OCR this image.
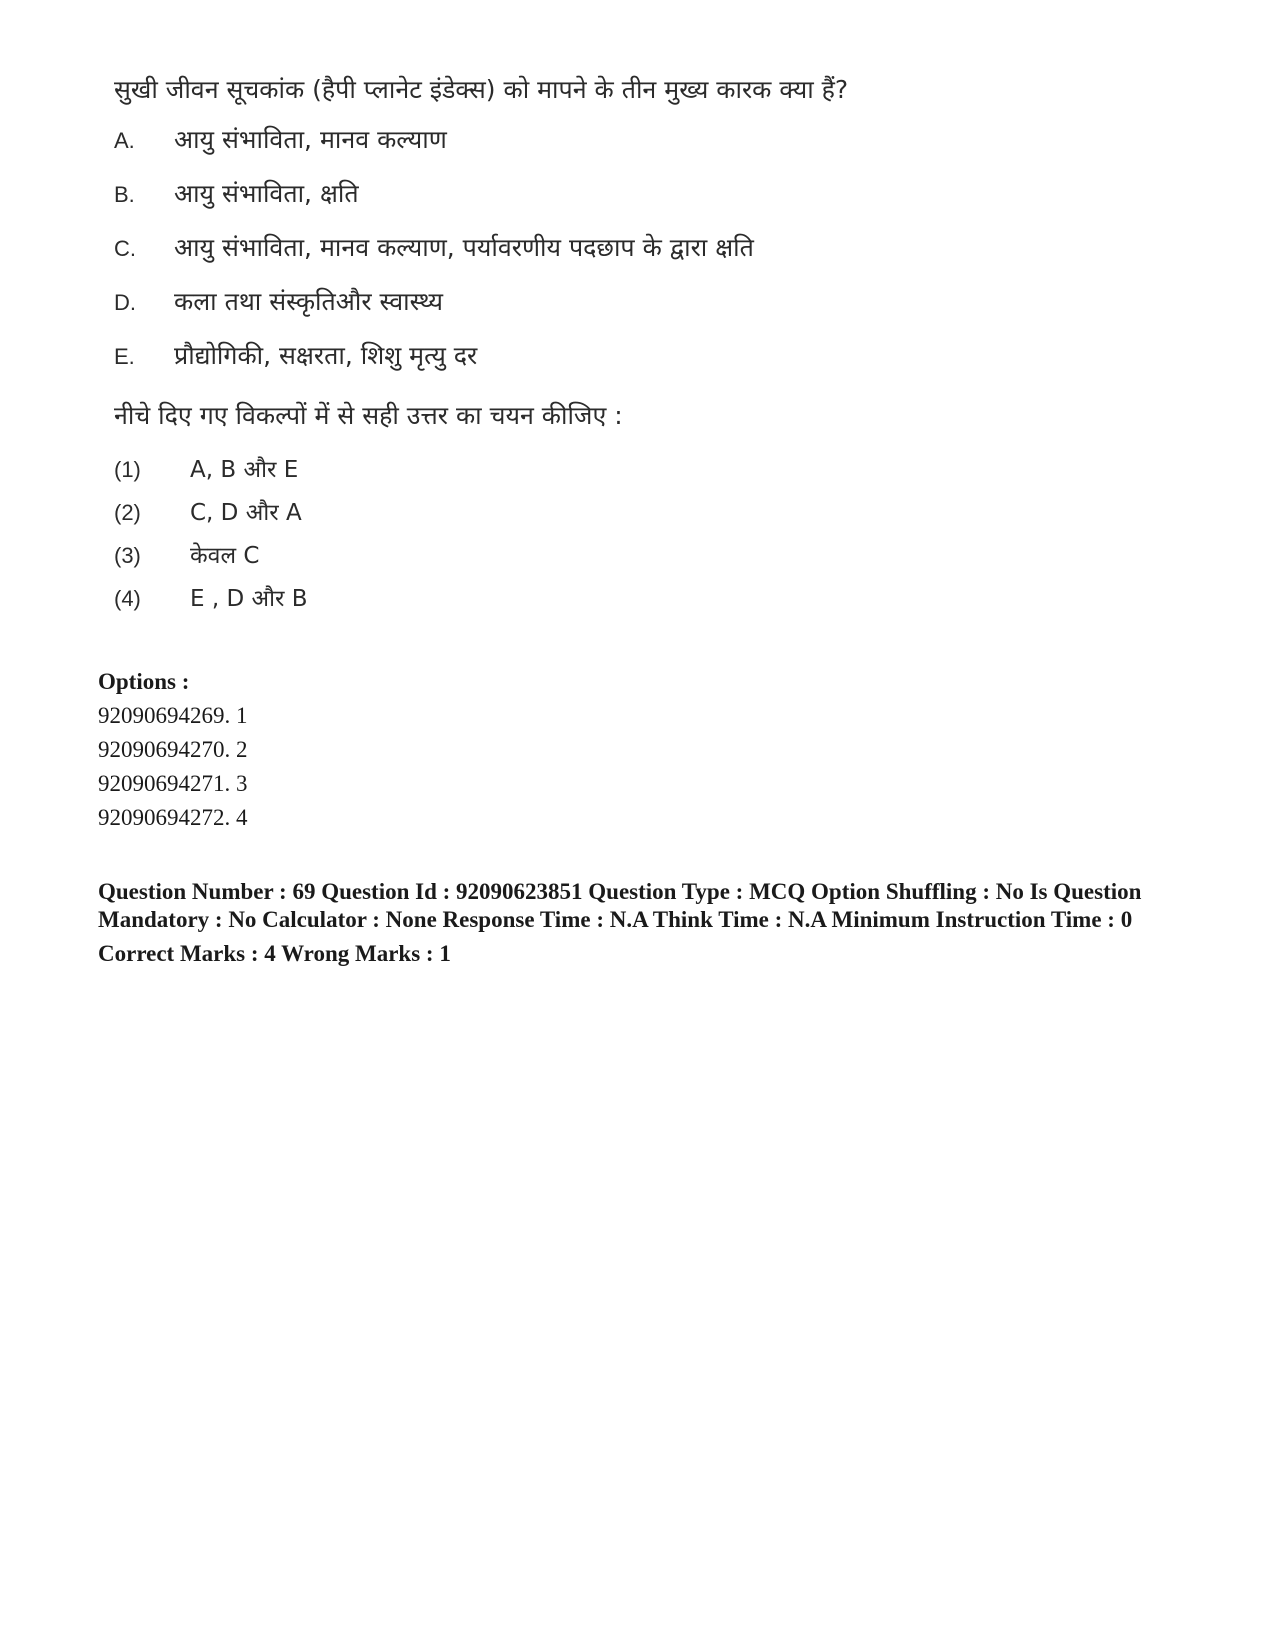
सुखी जीवन सूचकांक (हैपी प्लानेट इंडेक्स) को मापने के तीन मुख्य कारक क्या हैं?
A.	आयु संभाविता, मानव कल्याण
B.	आयु संभाविता, क्षति
C.	आयु संभाविता, मानव कल्याण, पर्यावरणीय पदछाप के द्वारा क्षति
D.	कला तथा संस्कृतिऔर स्वास्थ्य
E.	प्रौद्योगिकी, सक्षरता, शिशु मृत्यु दर
नीचे दिए गए विकल्पों में से सही उत्तर का चयन कीजिए :
(1)	A, B और E
(2)	C, D और A
(3)	केवल C
(4)	E , D और B
Options :
92090694269. 1
92090694270. 2
92090694271. 3
92090694272. 4
Question Number : 69 Question Id : 92090623851 Question Type : MCQ Option Shuffling : No Is Question Mandatory : No Calculator : None Response Time : N.A Think Time : N.A Minimum Instruction Time : 0
Correct Marks : 4 Wrong Marks : 1
